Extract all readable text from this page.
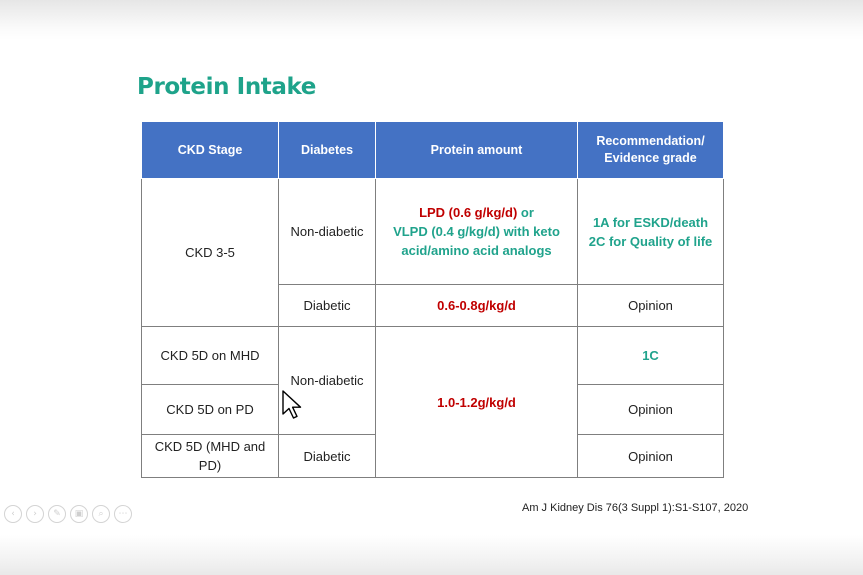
Protein Intake
CKD Stage	Diabetes	Protein amount	Recommendation/
Evidence grade
CKD 3-5	Non-diabetic	LPD (0.6 g/kg/d) or
VLPD (0.4 g/kg/d) with keto
acid/amino acid analogs	1A for ESKD/death
2C for Quality of life
	Diabetic	0.6-0.8g/kg/d	Opinion
CKD 5D on MHD	Non-diabetic	1.0-1.2g/kg/d	1C
CKD 5D on PD			Opinion
CKD 5D (MHD and PD)	Diabetic		Opinion
‹	›	✎	▣	⌕	⋯	Am J Kidney Dis 76(3 Suppl 1):S1-S107, 2020
